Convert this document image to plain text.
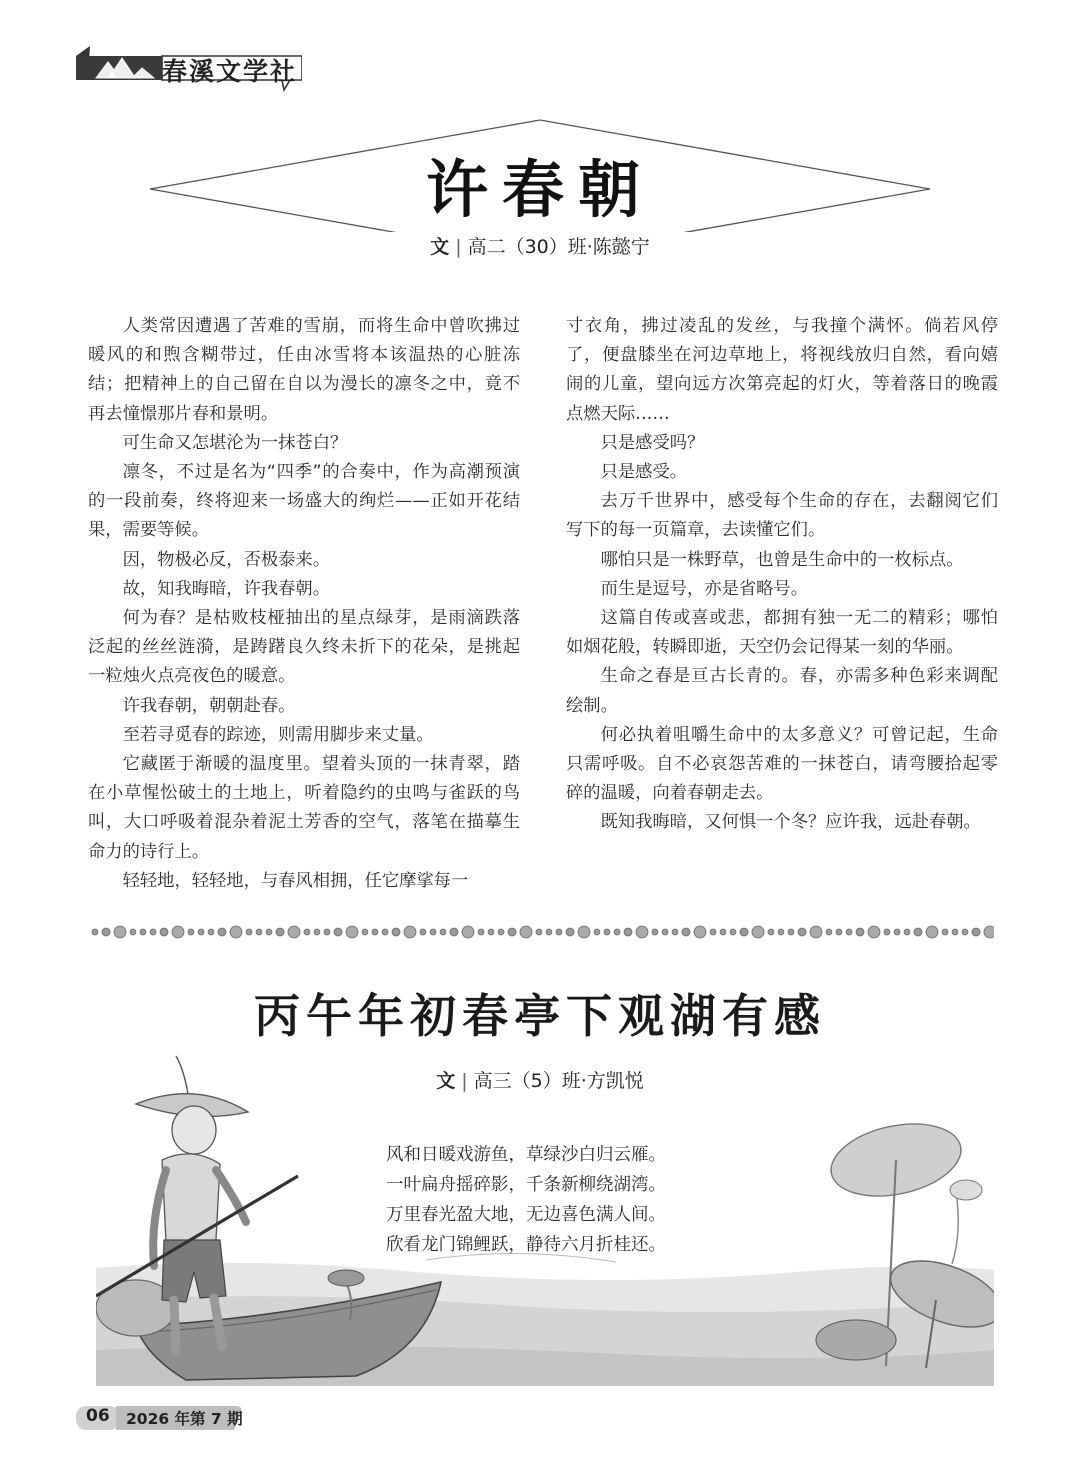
春溪文学社
许春朝
文 | 高二（30）班·陈懿宁

人类常因遭遇了苦难的雪崩，而将生命中曾吹拂过暖风的和煦含糊带过，任由冰雪将本该温热的心脏冻结；把精神上的自己留在自以为漫长的凛冬之中，竟不再去憧憬那片春和景明。

可生命又怎堪沦为一抹苍白？

凛冬，不过是名为“四季”的合奏中，作为高潮预演的一段前奏，终将迎来一场盛大的绚烂——正如开花结果，需要等候。

因，物极必反，否极泰来。

故，知我晦暗，许我春朝。

何为春？是枯败枝桠抽出的星点绿芽，是雨滴跌落泛起的丝丝涟漪，是踌躇良久终未折下的花朵，是挑起一粒烛火点亮夜色的暖意。

许我春朝，朝朝赴春。

至若寻觅春的踪迹，则需用脚步来丈量。

它藏匿于渐暖的温度里。望着头顶的一抹青翠，踏在小草惺忪破土的土地上，听着隐约的虫鸣与雀跃的鸟叫，大口呼吸着混杂着泥土芳香的空气，落笔在描摹生命力的诗行上。

轻轻地，轻轻地，与春风相拥，任它摩挲每一

寸衣角，拂过凌乱的发丝，与我撞个满怀。倘若风停了，便盘膝坐在河边草地上，将视线放归自然，看向嬉闹的儿童，望向远方次第亮起的灯火，等着落日的晚霞点燃天际……

只是感受吗？

只是感受。

去万千世界中，感受每个生命的存在，去翻阅它们写下的每一页篇章，去读懂它们。

哪怕只是一株野草，也曾是生命中的一枚标点。

而生是逗号，亦是省略号。

这篇自传或喜或悲，都拥有独一无二的精彩；哪怕如烟花般，转瞬即逝，天空仍会记得某一刻的华丽。

生命之春是亘古长青的。春，亦需多种色彩来调配绘制。

何必执着咀嚼生命中的太多意义？可曾记起，生命只需呼吸。自不必哀怨苦难的一抹苍白，请弯腰拾起零碎的温暖，向着春朝走去。

既知我晦暗，又何惧一个冬？应许我，远赴春朝。

丙午年初春亭下观湖有感
文 | 高三（5）班·方凯悦
风和日暖戏游鱼，草绿沙白归云雁。
一叶扁舟摇碎影，千条新柳绕湖湾。
万里春光盈大地，无边喜色满人间。
欣看龙门锦鲤跃，静待六月折桂还。
06 2026 年第 7 期
